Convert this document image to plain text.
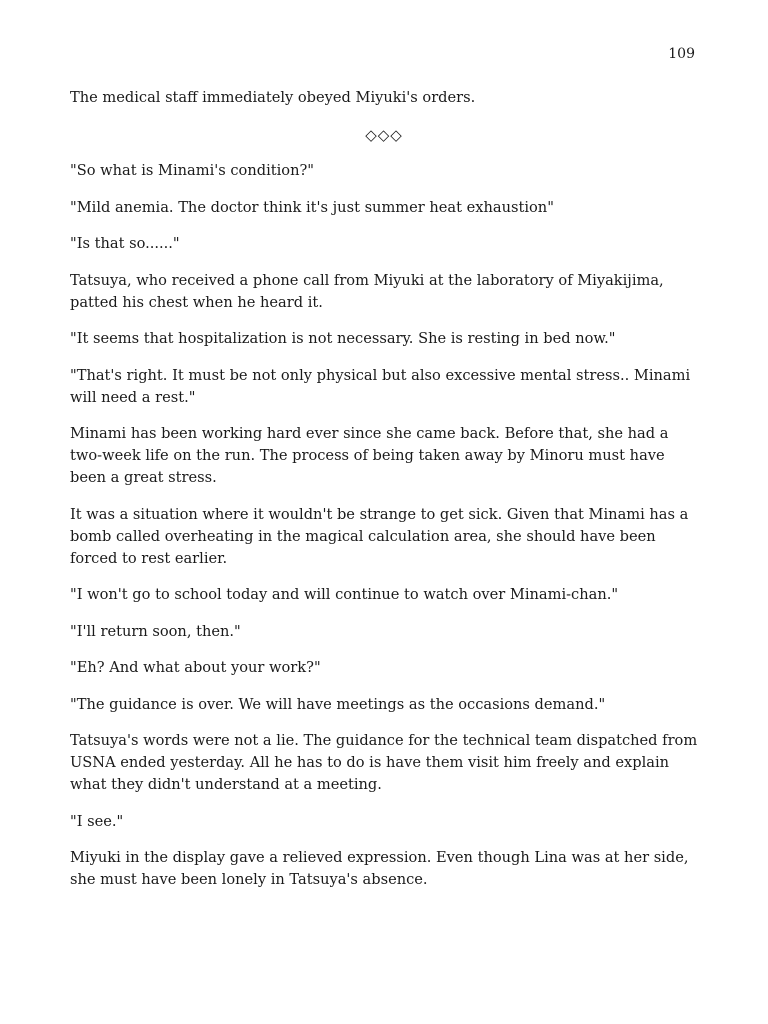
109

The medical staff immediately obeyed Miyuki's orders.

◇◇◇

"So what is Minami's condition?"

"Mild anemia. The doctor think it's just summer heat exhaustion"

"Is that so......"

Tatsuya, who received a phone call from Miyuki at the laboratory of Miyakijima, patted his chest when he heard it.

"It seems that hospitalization is not necessary. She is resting in bed now."

"That's right. It must be not only physical but also excessive mental stress.. Minami will need a rest."

Minami has been working hard ever since she came back. Before that, she had a two-week life on the run. The process of being taken away by Minoru must have been a great stress.

It was a situation where it wouldn't be strange to get sick. Given that Minami has a bomb called overheating in the magical calculation area, she should have been forced to rest earlier.

"I won't go to school today and will continue to watch over Minami-chan."

"I'll return soon, then."

"Eh? And what about your work?"

"The guidance is over. We will have meetings as the occasions demand."

Tatsuya's words were not a lie. The guidance for the technical team dispatched from USNA ended yesterday. All he has to do is have them visit him freely and explain what they didn't understand at a meeting.

"I see."

Miyuki in the display gave a relieved expression. Even though Lina was at her side, she must have been lonely in Tatsuya's absence.
